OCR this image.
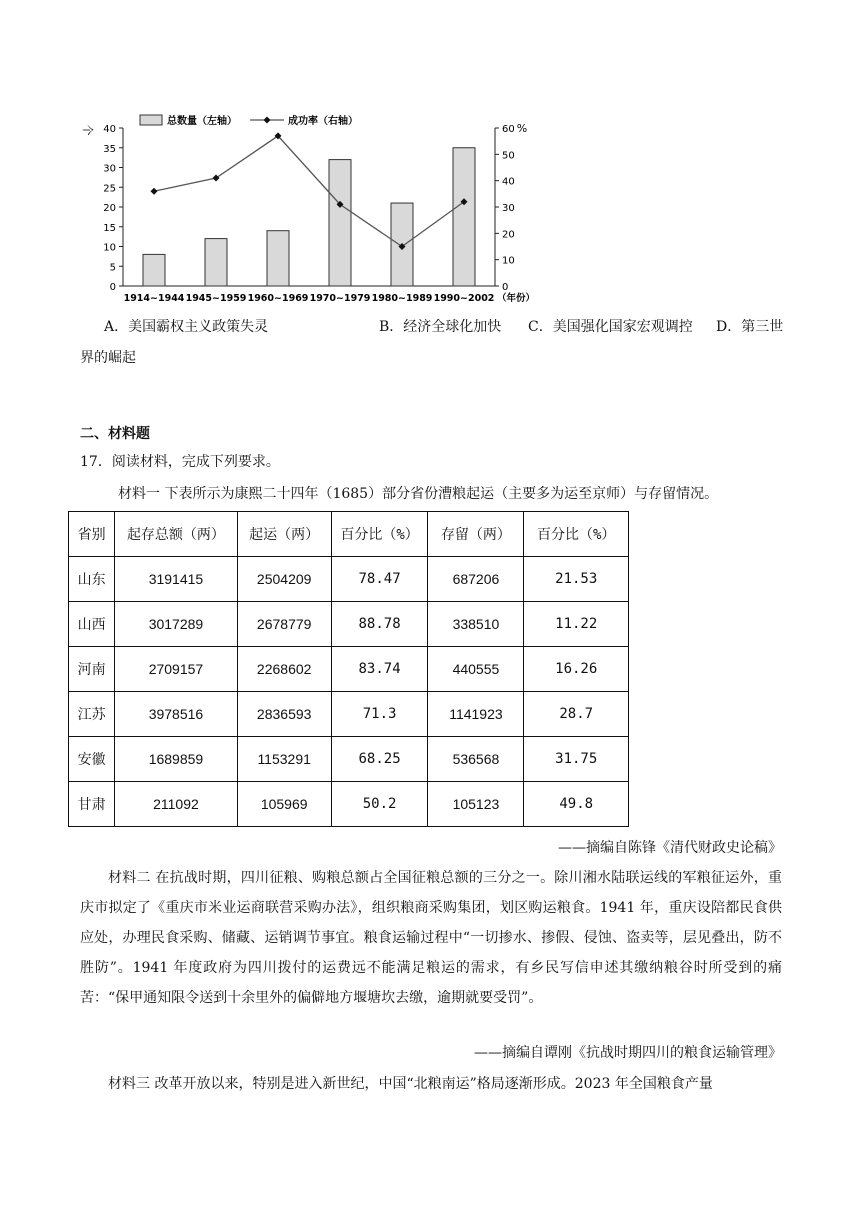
0
5
10
15
20
25
30
35
40
0
10
20
30
40
50
60
个	%
1914~1944 1945~1959 1960~1969 1970~1979 1980~1989 1990~2002 （年份）
总数量（左轴）	成功率（右轴）
A．美国霸权主义政策失灵	B．经济全球化加快 C．美国强化国家宏观调控 D．第三世
界的崛起
二、材料题
17．阅读材料，完成下列要求。
材料一 下表所示为康熙二十四年（1685）部分省份漕粮起运（主要多为运至京师）与存留情况。
省别	起存总额（两）	起运（两）	百分比（%）	存留（两）	百分比（%）
山东	3191415	2504209	78.47	687206	21.53
山西	3017289	2678779	88.78	338510	11.22
河南	2709157	2268602	83.74	440555	16.26
江苏	3978516	2836593	71.3	1141923	28.7
安徽	1689859	1153291	68.25	536568	31.75
甘肃	211092	105969	50.2	105123	49.8
——摘编自陈锋《清代财政史论稿》
材料二 在抗战时期，四川征粮、购粮总额占全国征粮总额的三分之一。除川湘水陆联运线的军粮征运外，重庆市拟定了《重庆市米业运商联营采购办法》，组织粮商采购集团，划区购运粮食。1941 年，重庆设陪都民食供应处，办理民食采购、储藏、运销调节事宜。粮食运输过程中“一切掺水、掺假、侵蚀、盗卖等，层见叠出，防不胜防”。1941 年度政府为四川拨付的运费远不能满足粮运的需求，有乡民写信申述其缴纳粮谷时所受到的痛苦：“保甲通知限令送到十余里外的偏僻地方堰塘坎去缴，逾期就要受罚”。
——摘编自谭刚《抗战时期四川的粮食运输管理》
材料三 改革开放以来，特别是进入新世纪，中国“北粮南运”格局逐渐形成。2023 年全国粮食产量
